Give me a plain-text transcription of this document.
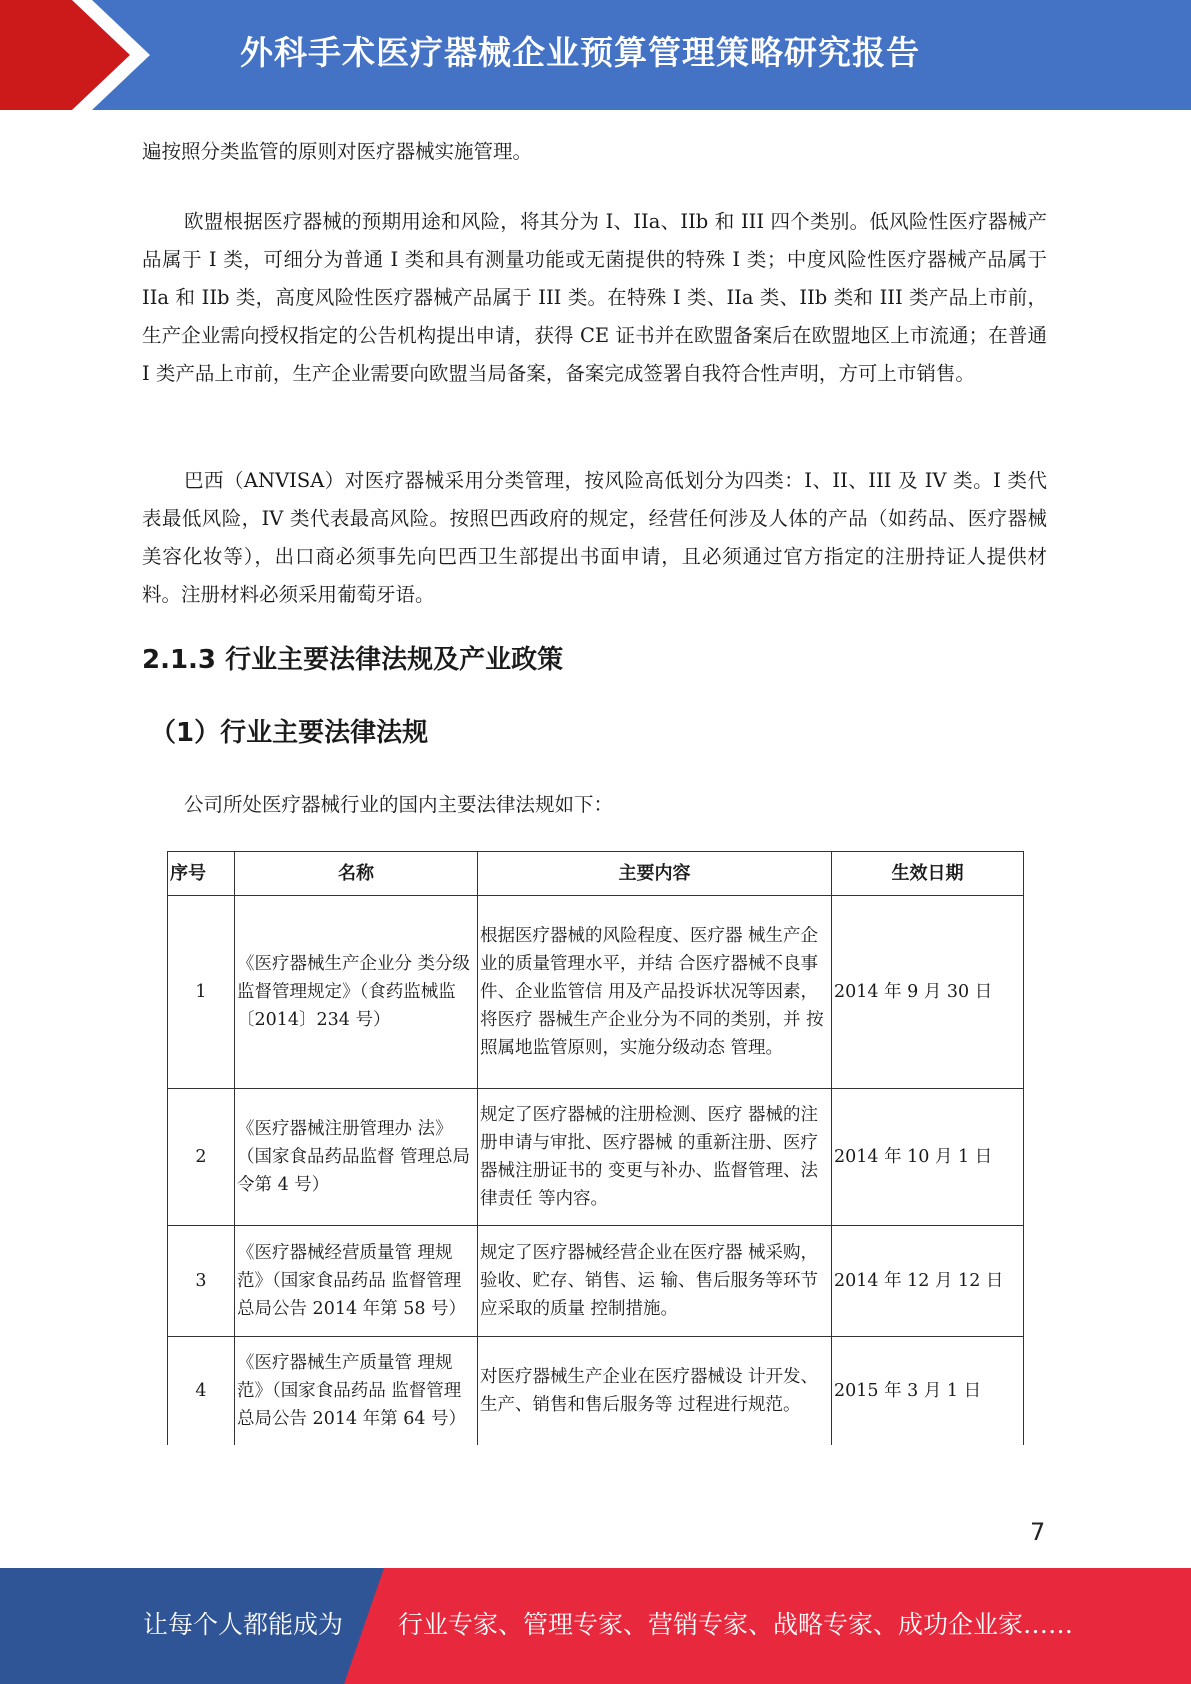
外科手术医疗器械企业预算管理策略研究报告
遍按照分类监管的原则对医疗器械实施管理。
欧盟根据医疗器械的预期用途和风险，将其分为 I、IIa、IIb 和 III 四个类别。低风险性医疗器械产品属于 I 类，可细分为普通 I 类和具有测量功能或无菌提供的特殊 I 类；中度风险性医疗器械产品属于 IIa 和 IIb 类，高度风险性医疗器械产品属于 III 类。在特殊 I 类、IIa 类、IIb 类和 III 类产品上市前，生产企业需向授权指定的公告机构提出申请，获得 CE 证书并在欧盟备案后在欧盟地区上市流通；在普通 I 类产品上市前，生产企业需要向欧盟当局备案，备案完成签署自我符合性声明，方可上市销售。
巴西（ANVISA）对医疗器械采用分类管理，按风险高低划分为四类：I、II、III 及 IV 类。I 类代表最低风险，IV 类代表最高风险。按照巴西政府的规定，经营任何涉及人体的产品（如药品、医疗器械美容化妆等），出口商必须事先向巴西卫生部提出书面申请，且必须通过官方指定的注册持证人提供材料。注册材料必须采用葡萄牙语。
2.1.3 行业主要法律法规及产业政策
（1）行业主要法律法规
公司所处医疗器械行业的国内主要法律法规如下：
序号	名称	主要内容	生效日期
1	《医疗器械生产企业分 类分级监督管理规定》（食药监械监〔2014〕234 号）	根据医疗器械的风险程度、医疗器 械生产企业的质量管理水平，并结 合医疗器械不良事件、企业监管信 用及产品投诉状况等因素，将医疗 器械生产企业分为不同的类别，并 按照属地监管原则，实施分级动态 管理。	2014 年 9 月 30 日
2	《医疗器械注册管理办 法》（国家食品药品监督 管理总局令第 4 号）	规定了医疗器械的注册检测、医疗 器械的注册申请与审批、医疗器械 的重新注册、医疗器械注册证书的 变更与补办、监督管理、法律责任 等内容。	2014 年 10 月 1 日
3	《医疗器械经营质量管 理规范》（国家食品药品 监督管理总局公告 2014 年第 58 号）	规定了医疗器械经营企业在医疗器 械采购，验收、贮存、销售、运 输、售后服务等环节应采取的质量 控制措施。	2014 年 12 月 12 日
4	《医疗器械生产质量管 理规范》（国家食品药品 监督管理总局公告 2014 年第 64 号）	对医疗器械生产企业在医疗器械设 计开发、生产、销售和售后服务等 过程进行规范。	2015 年 3 月 1 日
7
让每个人都能成为 行业专家、管理专家、营销专家、战略专家、成功企业家……
